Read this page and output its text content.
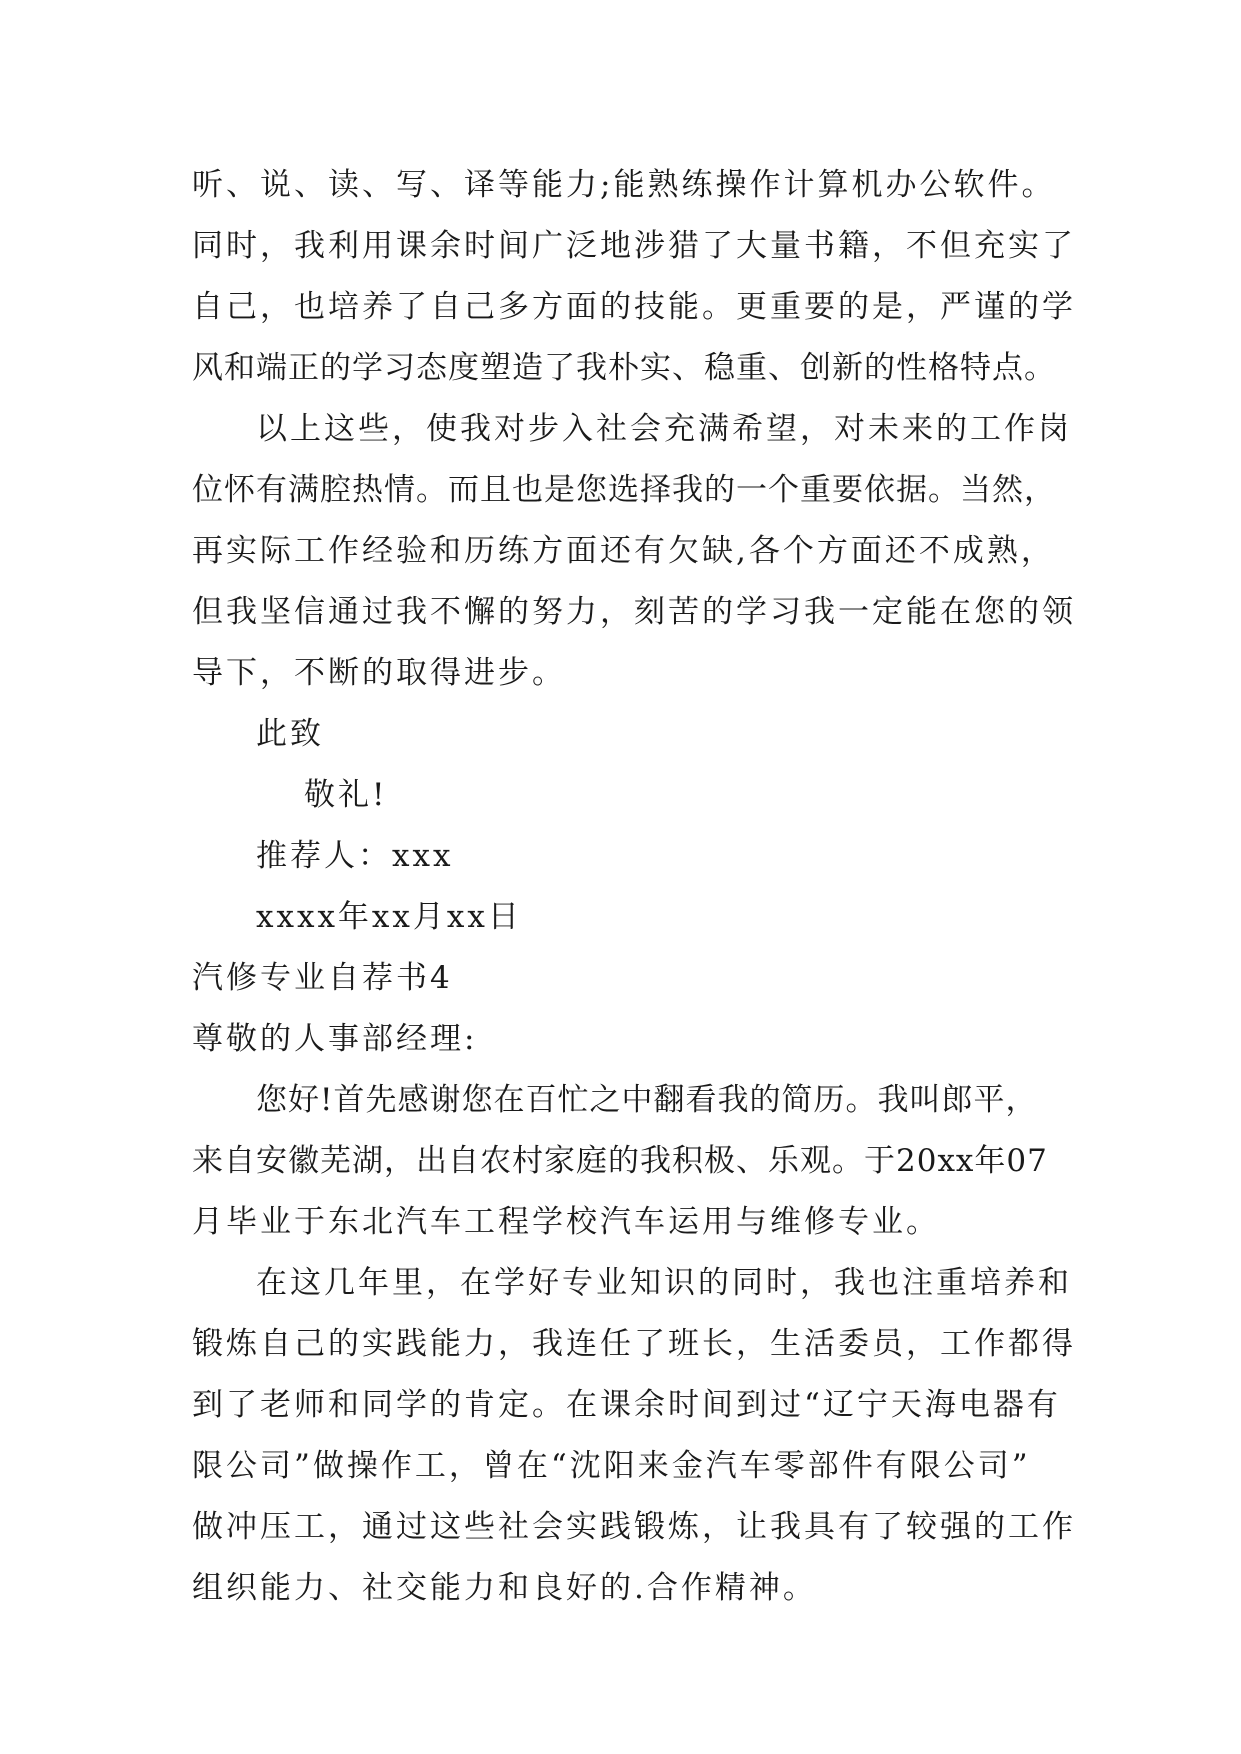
听、说、读、写、译等能力;能熟练操作计算机办公软件。
同时，我利用课余时间广泛地涉猎了大量书籍，不但充实了
自己，也培养了自己多方面的技能。更重要的是，严谨的学
风和端正的学习态度塑造了我朴实、稳重、创新的性格特点。
以上这些，使我对步入社会充满希望，对未来的工作岗
位怀有满腔热情。而且也是您选择我的一个重要依据。当然，
再实际工作经验和历练方面还有欠缺,各个方面还不成熟，
但我坚信通过我不懈的努力，刻苦的学习我一定能在您的领
导下，不断的取得进步。
此致
敬礼!
推荐人：xxx
xxxx年xx月xx日
汽修专业自荐书4
尊敬的人事部经理:
您好!首先感谢您在百忙之中翻看我的简历。我叫郎平，
来自安徽芜湖，出自农村家庭的我积极、乐观。于20xx年07
月毕业于东北汽车工程学校汽车运用与维修专业。
在这几年里，在学好专业知识的同时，我也注重培养和
锻炼自己的实践能力，我连任了班长，生活委员，工作都得
到了老师和同学的肯定。在课余时间到过“辽宁天海电器有
限公司”做操作工，曾在“沈阳来金汽车零部件有限公司”
做冲压工，通过这些社会实践锻炼，让我具有了较强的工作
组织能力、社交能力和良好的.合作精神。
